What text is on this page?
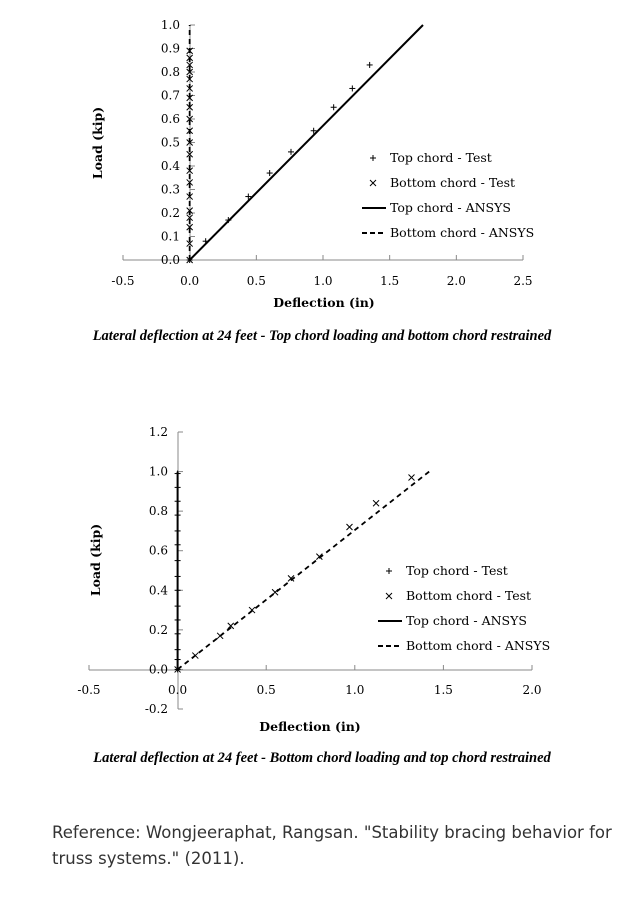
-0.5	0.0	0.5	1.0	1.5	2.0	2.5
0.0
0.1
0.2
0.3
0.4
0.5
0.6
0.7
0.8
0.9
1.0
Deflection (in)
Load (kip)	Top chord - Test
Bottom chord - Test
Top chord - ANSYS
Bottom chord - ANSYS
Lateral deflection at 24 feet - Top chord loading and bottom chord restrained
-0.5	0.0	0.5	1.0	1.5	2.0
-0.2
0.0
0.2
0.4
0.6
0.8
1.0
1.2
Deflection (in)
Load (kip)	Top chord - Test
Bottom chord - Test
Top chord - ANSYS
Bottom chord - ANSYS
Lateral deflection at 24 feet - Bottom chord loading and top chord restrained
Reference: Wongjeeraphat, Rangsan. "Stability bracing behavior for truss systems." (2011).
